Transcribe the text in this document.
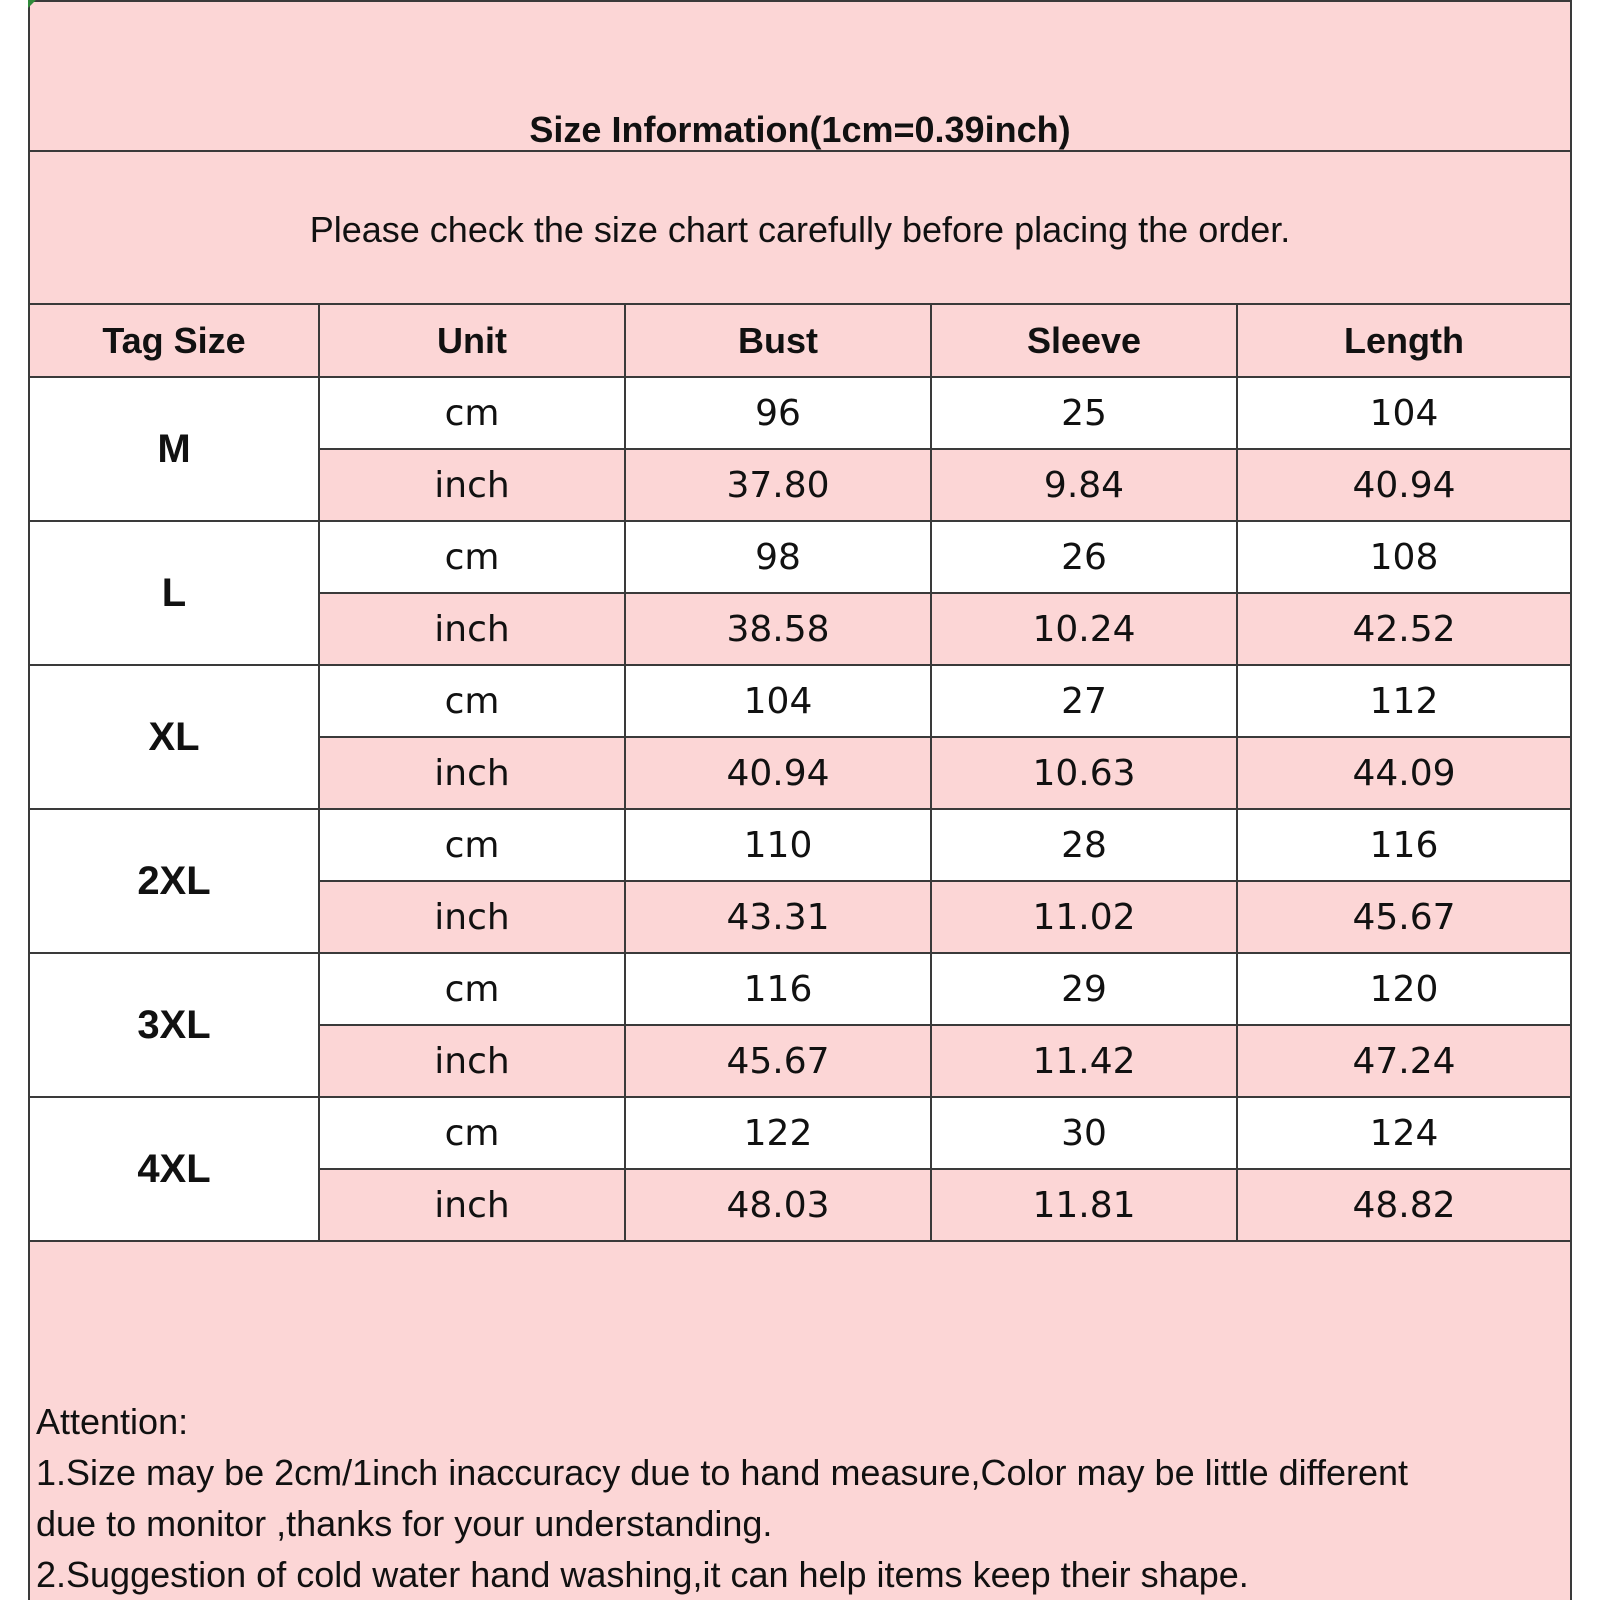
Size Information(1cm=0.39inch)
Please check the size chart carefully before placing the order.
Tag Size	Unit	Bust	Sleeve	Length
M	cm	96	25	104
	inch	37.80	9.84	40.94
L	cm	98	26	108
	inch	38.58	10.24	42.52
XL	cm	104	27	112
	inch	40.94	10.63	44.09
2XL	cm	110	28	116
	inch	43.31	11.02	45.67
3XL	cm	116	29	120
	inch	45.67	11.42	47.24
4XL	cm	122	30	124
	inch	48.03	11.81	48.82
Attention:
1.Size may be 2cm/1inch inaccuracy due to hand measure,Color may be little different
due to monitor ,thanks for your understanding.
2.Suggestion of cold water hand washing,it can help items keep their shape.
